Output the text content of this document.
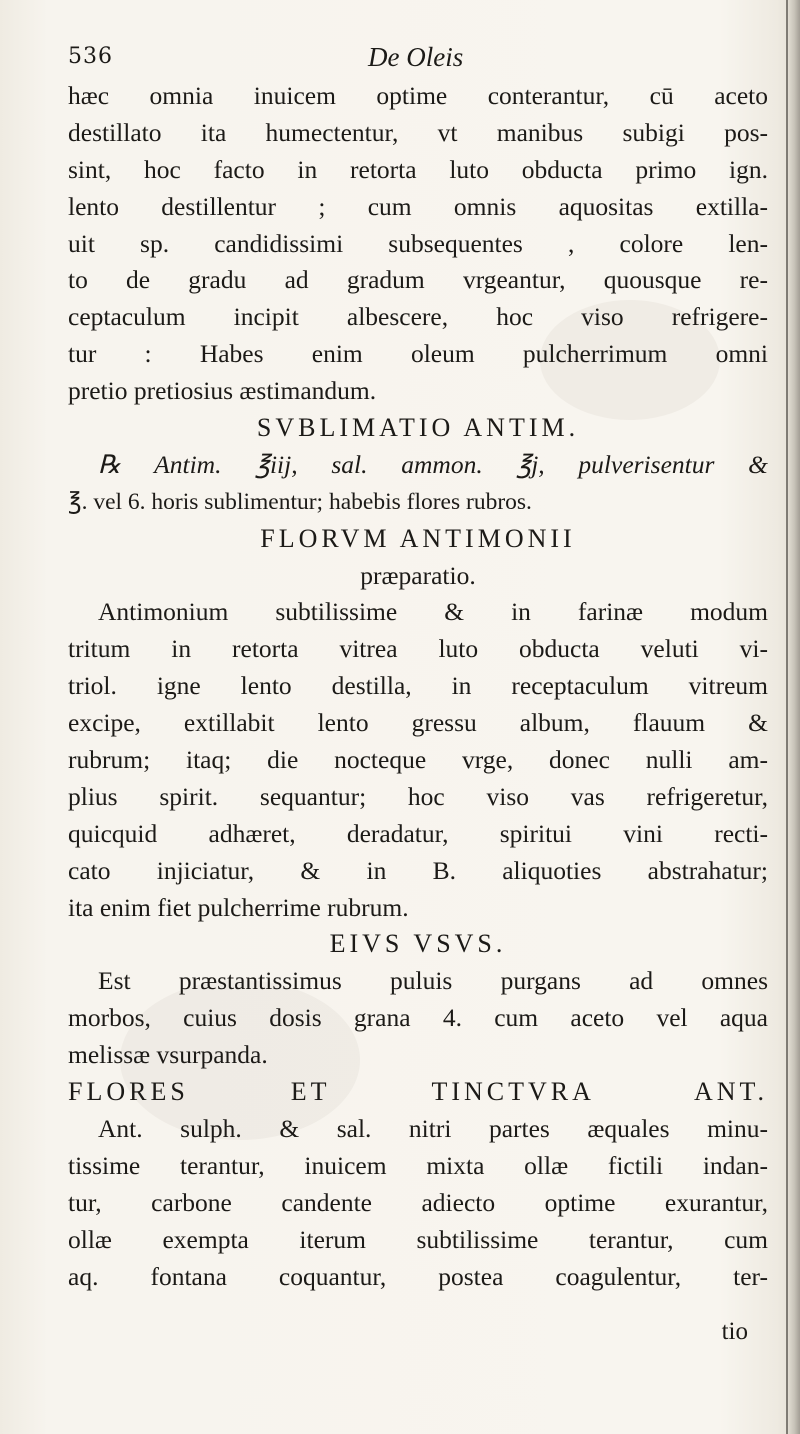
536	De Oleis
hæc omnia inuicem optime conterantur, cū aceto
destillato ita humectentur, vt manibus subigi pos-
sint, hoc facto in retorta luto obducta primo ign.
lento destillentur ; cum omnis aquositas extilla-
uit sp. candidissimi subsequentes , colore len-
to de gradu ad gradum vrgeantur, quousque re-
ceptaculum incipit albescere, hoc viso refrigere-
tur : Habes enim oleum pulcherrimum omni
pretio pretiosius æstimandum.
SVBLIMATIO ANTIM.
℞ Antim. ℥iij, sal. ammon. ℥j, pulverisentur &
℥. vel 6. horis sublimentur; habebis flores rubros.
FLORVM ANTIMONII
præparatio.
Antimonium subtilissime & in farinæ modum
tritum in retorta vitrea luto obducta veluti vi-
triol. igne lento destilla, in receptaculum vitreum
excipe, extillabit lento gressu album, flauum &
rubrum; itaq; die nocteque vrge, donec nulli am-
plius spirit. sequantur; hoc viso vas refrigeretur,
quicquid adhæret, deradatur, spiritui vini recti-
cato injiciatur, & in B. aliquoties abstrahatur;
ita enim fiet pulcherrime rubrum.
EIVS VSVS.
Est præstantissimus puluis purgans ad omnes
morbos, cuius dosis grana 4. cum aceto vel aqua
melissæ vsurpanda.
FLORES ET TINCTVRA ANT.
Ant. sulph. & sal. nitri partes æquales minu-
tissime terantur, inuicem mixta ollæ fictili indan-
tur, carbone candente adiecto optime exurantur,
ollæ exempta iterum subtilissime terantur, cum
aq. fontana coquantur, postea coagulentur, ter-
tio
